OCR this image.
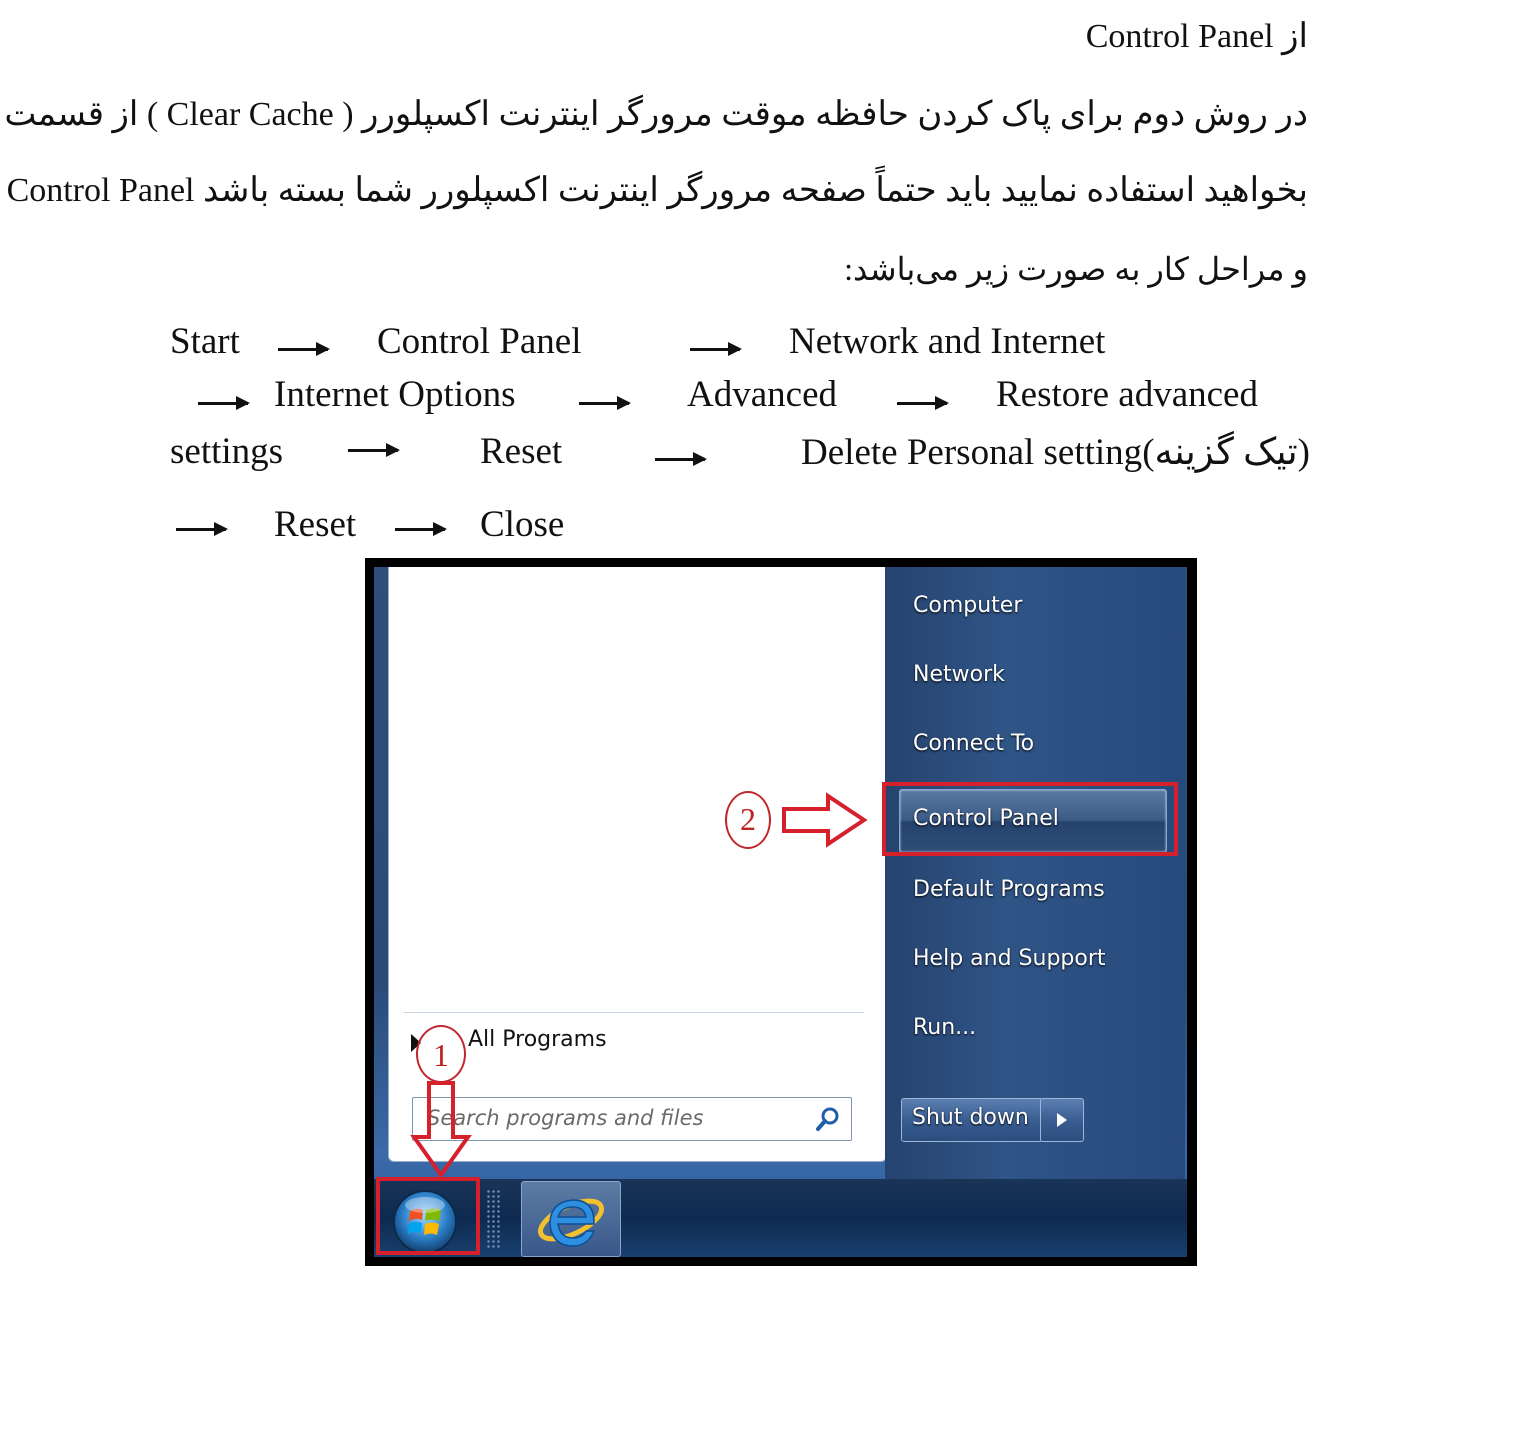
از Control Panel
در روش دوم برای پاک کردن حافظه موقت مرورگر اینترنت اکسپلورر ( Clear Cache ) از قسمت
Control Panel بخواهید استفاده نمایید باید حتماً صفحه مرورگر اینترنت اکسپلورر شما بسته باشد
و مراحل کار به صورت زیر می‌باشد:
Start	Control Panel	Network and Internet
Internet Options	Advanced	Restore advanced
settings	Reset	(تیک گزینه)Delete Personal setting
Reset	Close
Computer
Network
Connect To
Control Panel
Default Programs
Help and Support
Run...
2
All Programs
1
Search programs and files	Shut down
